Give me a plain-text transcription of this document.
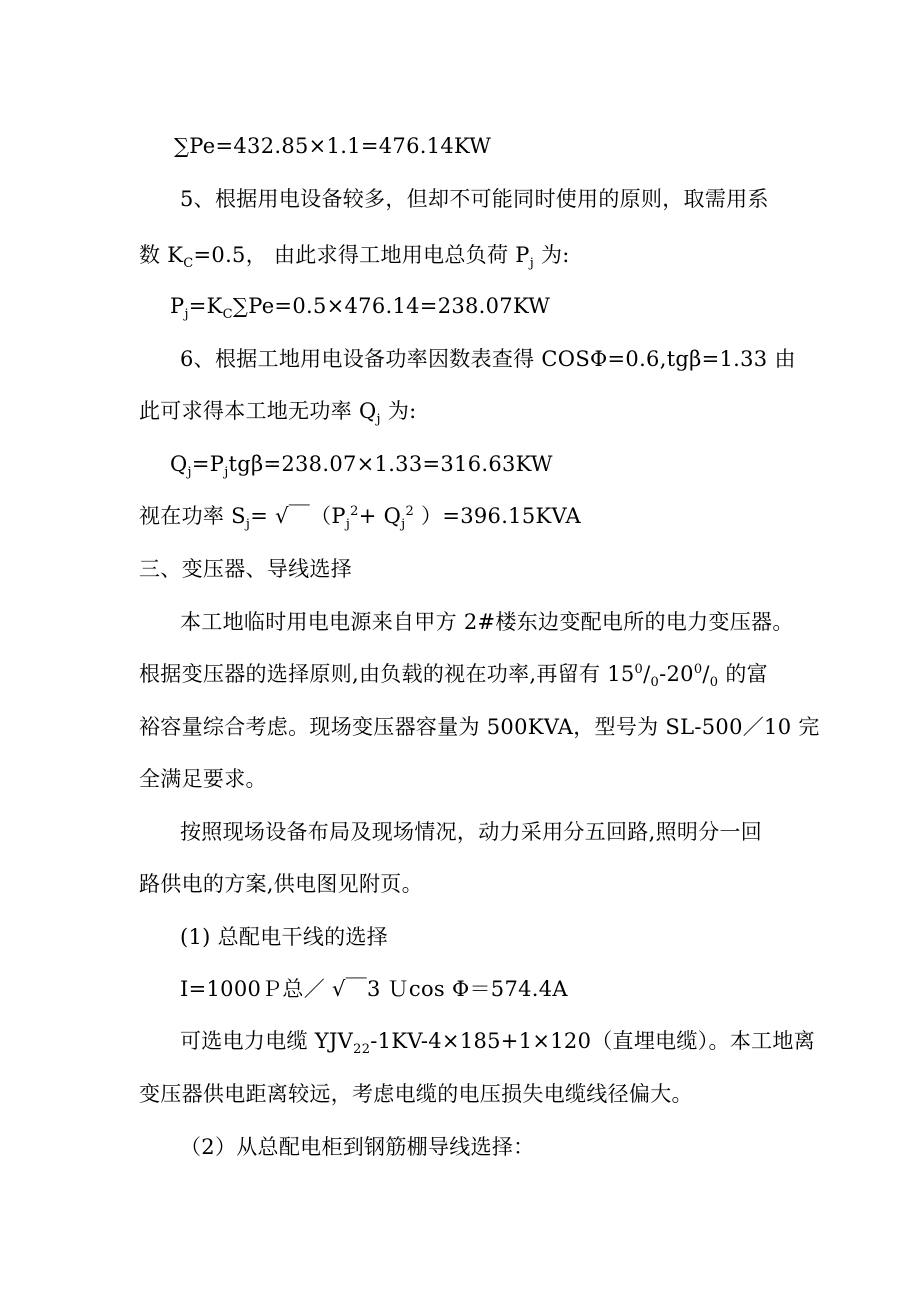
∑Pe=432.85×1.1=476.14KW
5、根据用电设备较多，但却不可能同时使用的原则，取需用系
数 $K_C=0.5$， 由此求得工地用电总负荷 $P_j$ 为:
$P_j=K_C\sum Pe=0.5\times 476.14=238.07KW$
6、根据工地用电设备功率因数表查得 COSΦ=0.6,tgβ=1.33 由
此可求得本工地无功率 $Q_j$ 为:
$Q_j=P_jtg\beta=238.07\times 1.33=316.63KW$
视在功率 $S_j=$ √￣（$P_j^2+ Q_j^2$ ）=396.15KVA
三、变压器、导线选择
本工地临时用电电源来自甲方 2#楼东边变配电所的电力变压器。
根据变压器的选择原则,由负载的视在功率,再留有 $15^0/_0-20^0/_0$ 的富
裕容量综合考虑。现场变压器容量为 500KVA，型号为 SL-500／10 完
全满足要求。
按照现场设备布局及现场情况，动力采用分五回路,照明分一回
路供电的方案,供电图见附页。
(1) 总配电干线的选择
I=1000Ｐ总／ √￣3 Ｕcos Φ＝574.4A
可选电力电缆 $YJV_{22}-1KV-4\times 185+1\times 120$（直埋电缆）。本工地离
变压器供电距离较远，考虑电缆的电压损失电缆线径偏大。
（2）从总配电柜到钢筋棚导线选择：
